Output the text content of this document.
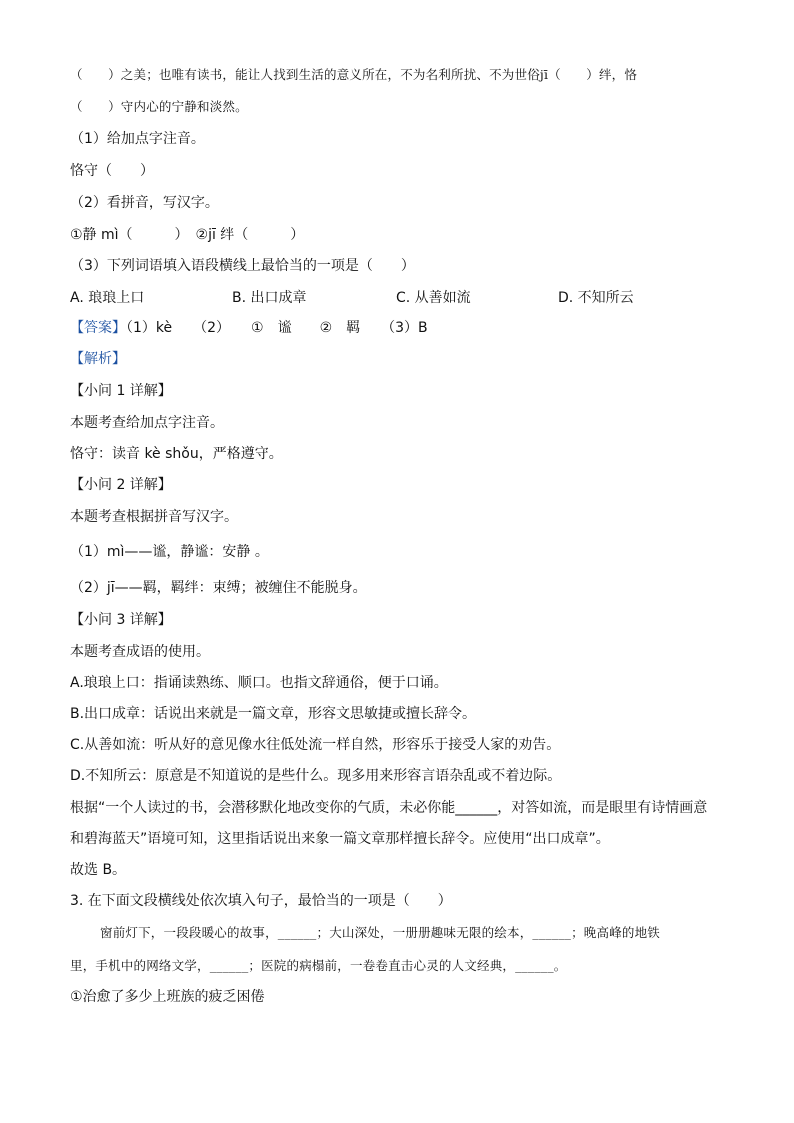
（　　）之美；也唯有读书，能让人找到生活的意义所在，不为名利所扰、不为世俗jī（　　）绊，恪
（　　）守内心的宁静和淡然。
（1）给加点字注音。
恪守（　　）
（2）看拼音，写汉字。
①静 mì（　　　）　②jī 绊（　　　）
（3）下列词语填入语段横线上最恰当的一项是（　　）
A. 琅琅上口	B. 出口成章	C. 从善如流	D. 不知所云
【答案】（1）kè　　（2）　　①　谧　　②　羁　　（3）B
【解析】
【小问 1 详解】
本题考查给加点字注音。
恪守：读音 kè shǒu，严格遵守。
【小问 2 详解】
本题考查根据拼音写汉字。
（1）mì——谧，静谧：安静 。
（2）jī——羁，羁绊：束缚；被缠住不能脱身。
【小问 3 详解】
本题考查成语的使用。
A.琅琅上口：指诵读熟练、顺口。也指文辞通俗，便于口诵。
B.出口成章：话说出来就是一篇文章，形容文思敏捷或擅长辞令。
C.从善如流：听从好的意见像水往低处流一样自然，形容乐于接受人家的劝告。
D.不知所云：原意是不知道说的是些什么。现多用来形容言语杂乱或不着边际。
根据“一个人读过的书，会潜移默化地改变你的气质，未必你能______，对答如流，而是眼里有诗情画意
和碧海蓝天”语境可知，这里指话说出来象一篇文章那样擅长辞令。应使用“出口成章”。
故选 B。
3. 在下面文段横线处依次填入句子，最恰当的一项是（　　）
窗前灯下，一段段暖心的故事，______；大山深处，一册册趣味无限的绘本，______；晚高峰的地铁
里，手机中的网络文学，______；医院的病榻前，一卷卷直击心灵的人文经典，______。
①治愈了多少上班族的疲乏困倦
